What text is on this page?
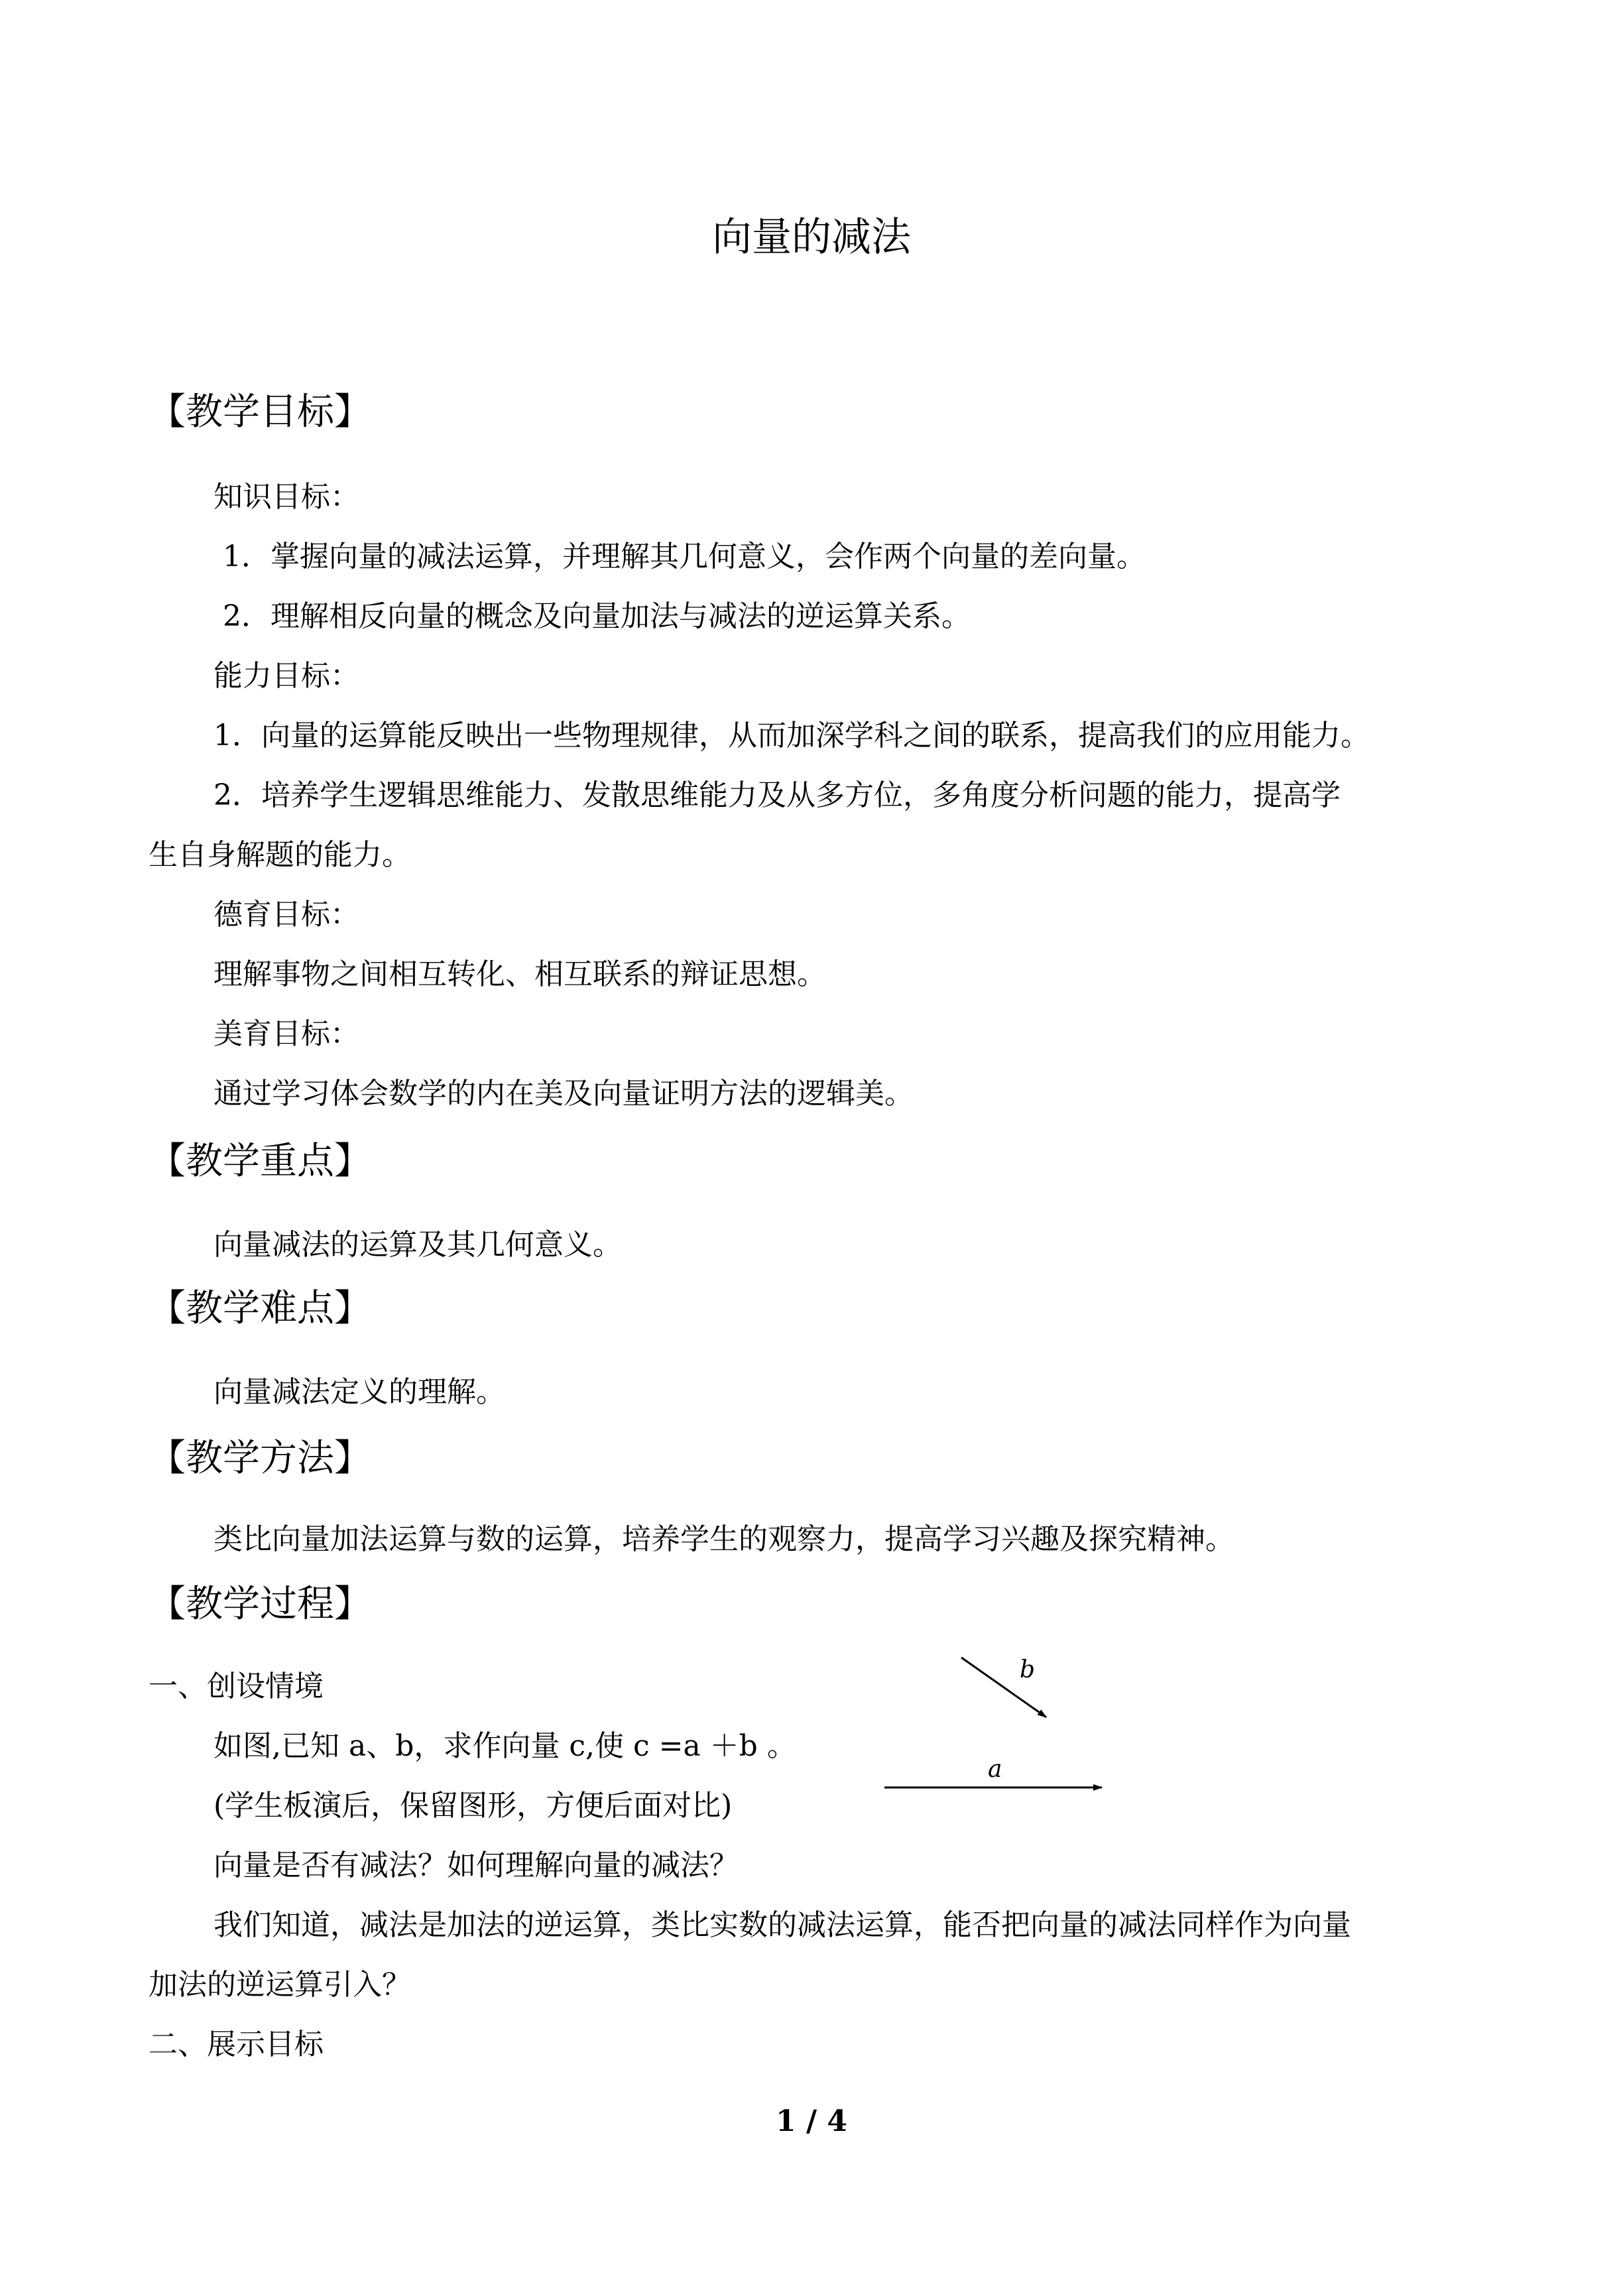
向量的减法
【教学目标】
知识目标：
1．掌握向量的减法运算，并理解其几何意义，会作两个向量的差向量。
2．理解相反向量的概念及向量加法与减法的逆运算关系。
能力目标：
1．向量的运算能反映出一些物理规律，从而加深学科之间的联系，提高我们的应用能力。
2．培养学生逻辑思维能力、发散思维能力及从多方位，多角度分析问题的能力，提高学
生自身解题的能力。
德育目标：
理解事物之间相互转化、相互联系的辩证思想。
美育目标：
通过学习体会数学的内在美及向量证明方法的逻辑美。
【教学重点】
向量减法的运算及其几何意义。
【教学难点】
向量减法定义的理解。
【教学方法】
类比向量加法运算与数的运算，培养学生的观察力，提高学习兴趣及探究精神。
【教学过程】
一、创设情境
如图,已知 a、b，求作向量 c,使 c =a ＋b 。
(学生板演后，保留图形，方便后面对比)
向量是否有减法？如何理解向量的减法？
我们知道，减法是加法的逆运算，类比实数的减法运算，能否把向量的减法同样作为向量
加法的逆运算引入？
二、展示目标
b
a
1 / 4
